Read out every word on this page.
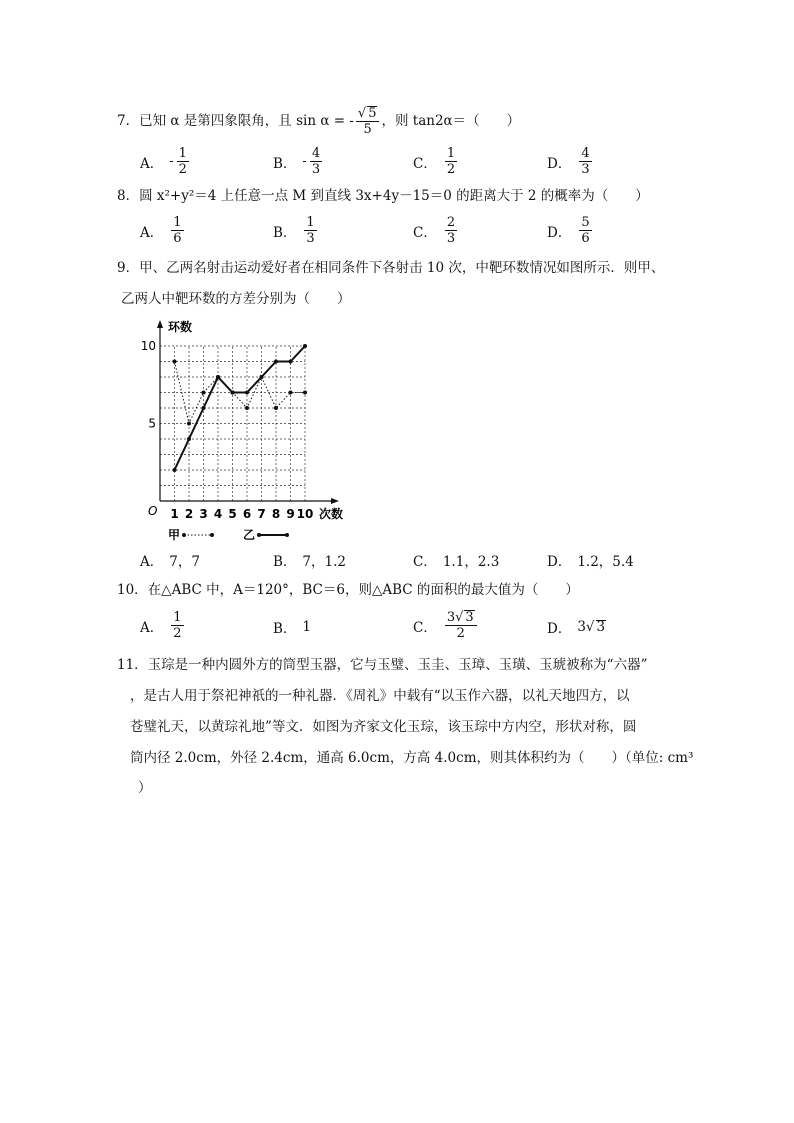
7．已知 α 是第四象限角，且 sin α = - $\frac{√ 5}{5}$ ，则 tan2α＝（　　）
A． - $\frac{1}{2}$	B． - $\frac{4}{3}$	C． $\frac{1}{2}$	D． $\frac{4}{3}$
8．圆 x²+y²＝4 上任意一点 M 到直线 3x+4y－15＝0 的距离大于 2 的概率为（　　）
A． $\frac{1}{6}$	B． $\frac{1}{3}$	C． $\frac{2}{3}$	D． $\frac{5}{6}$
9．甲、乙两名射击运动爱好者在相同条件下各射击 10 次，中靶环数情况如图所示．则甲、
乙两人中靶环数的方差分别为（　　）
1 2 3 4 5 6 7 8 9 10
5
10
O
环数
次数
甲	乙
A． 7，7	B． 7，1.2	C． 1.1，2.3	D． 1.2，5.4
10．在△ABC 中，A＝120°，BC＝6，则△ABC 的面积的最大值为（　　）
A． $\frac{1}{2}$	B． 1	C． $\frac{3√ 3}{2}$	D． 3 √ 3
11．玉琮是一种内圆外方的筒型玉器，它与玉璧、玉圭、玉璋、玉璜、玉琥被称为“六器”
，是古人用于祭祀神祇的一种礼器．《周礼》中载有“以玉作六器，以礼天地四方，以
苍璧礼天，以黄琮礼地”等文．如图为齐家文化玉琮，该玉琮中方内空，形状对称，圆
筒内径 2.0cm，外径 2.4cm，通高 6.0cm，方高 4.0cm，则其体积约为（　　）（单位: cm³
）
